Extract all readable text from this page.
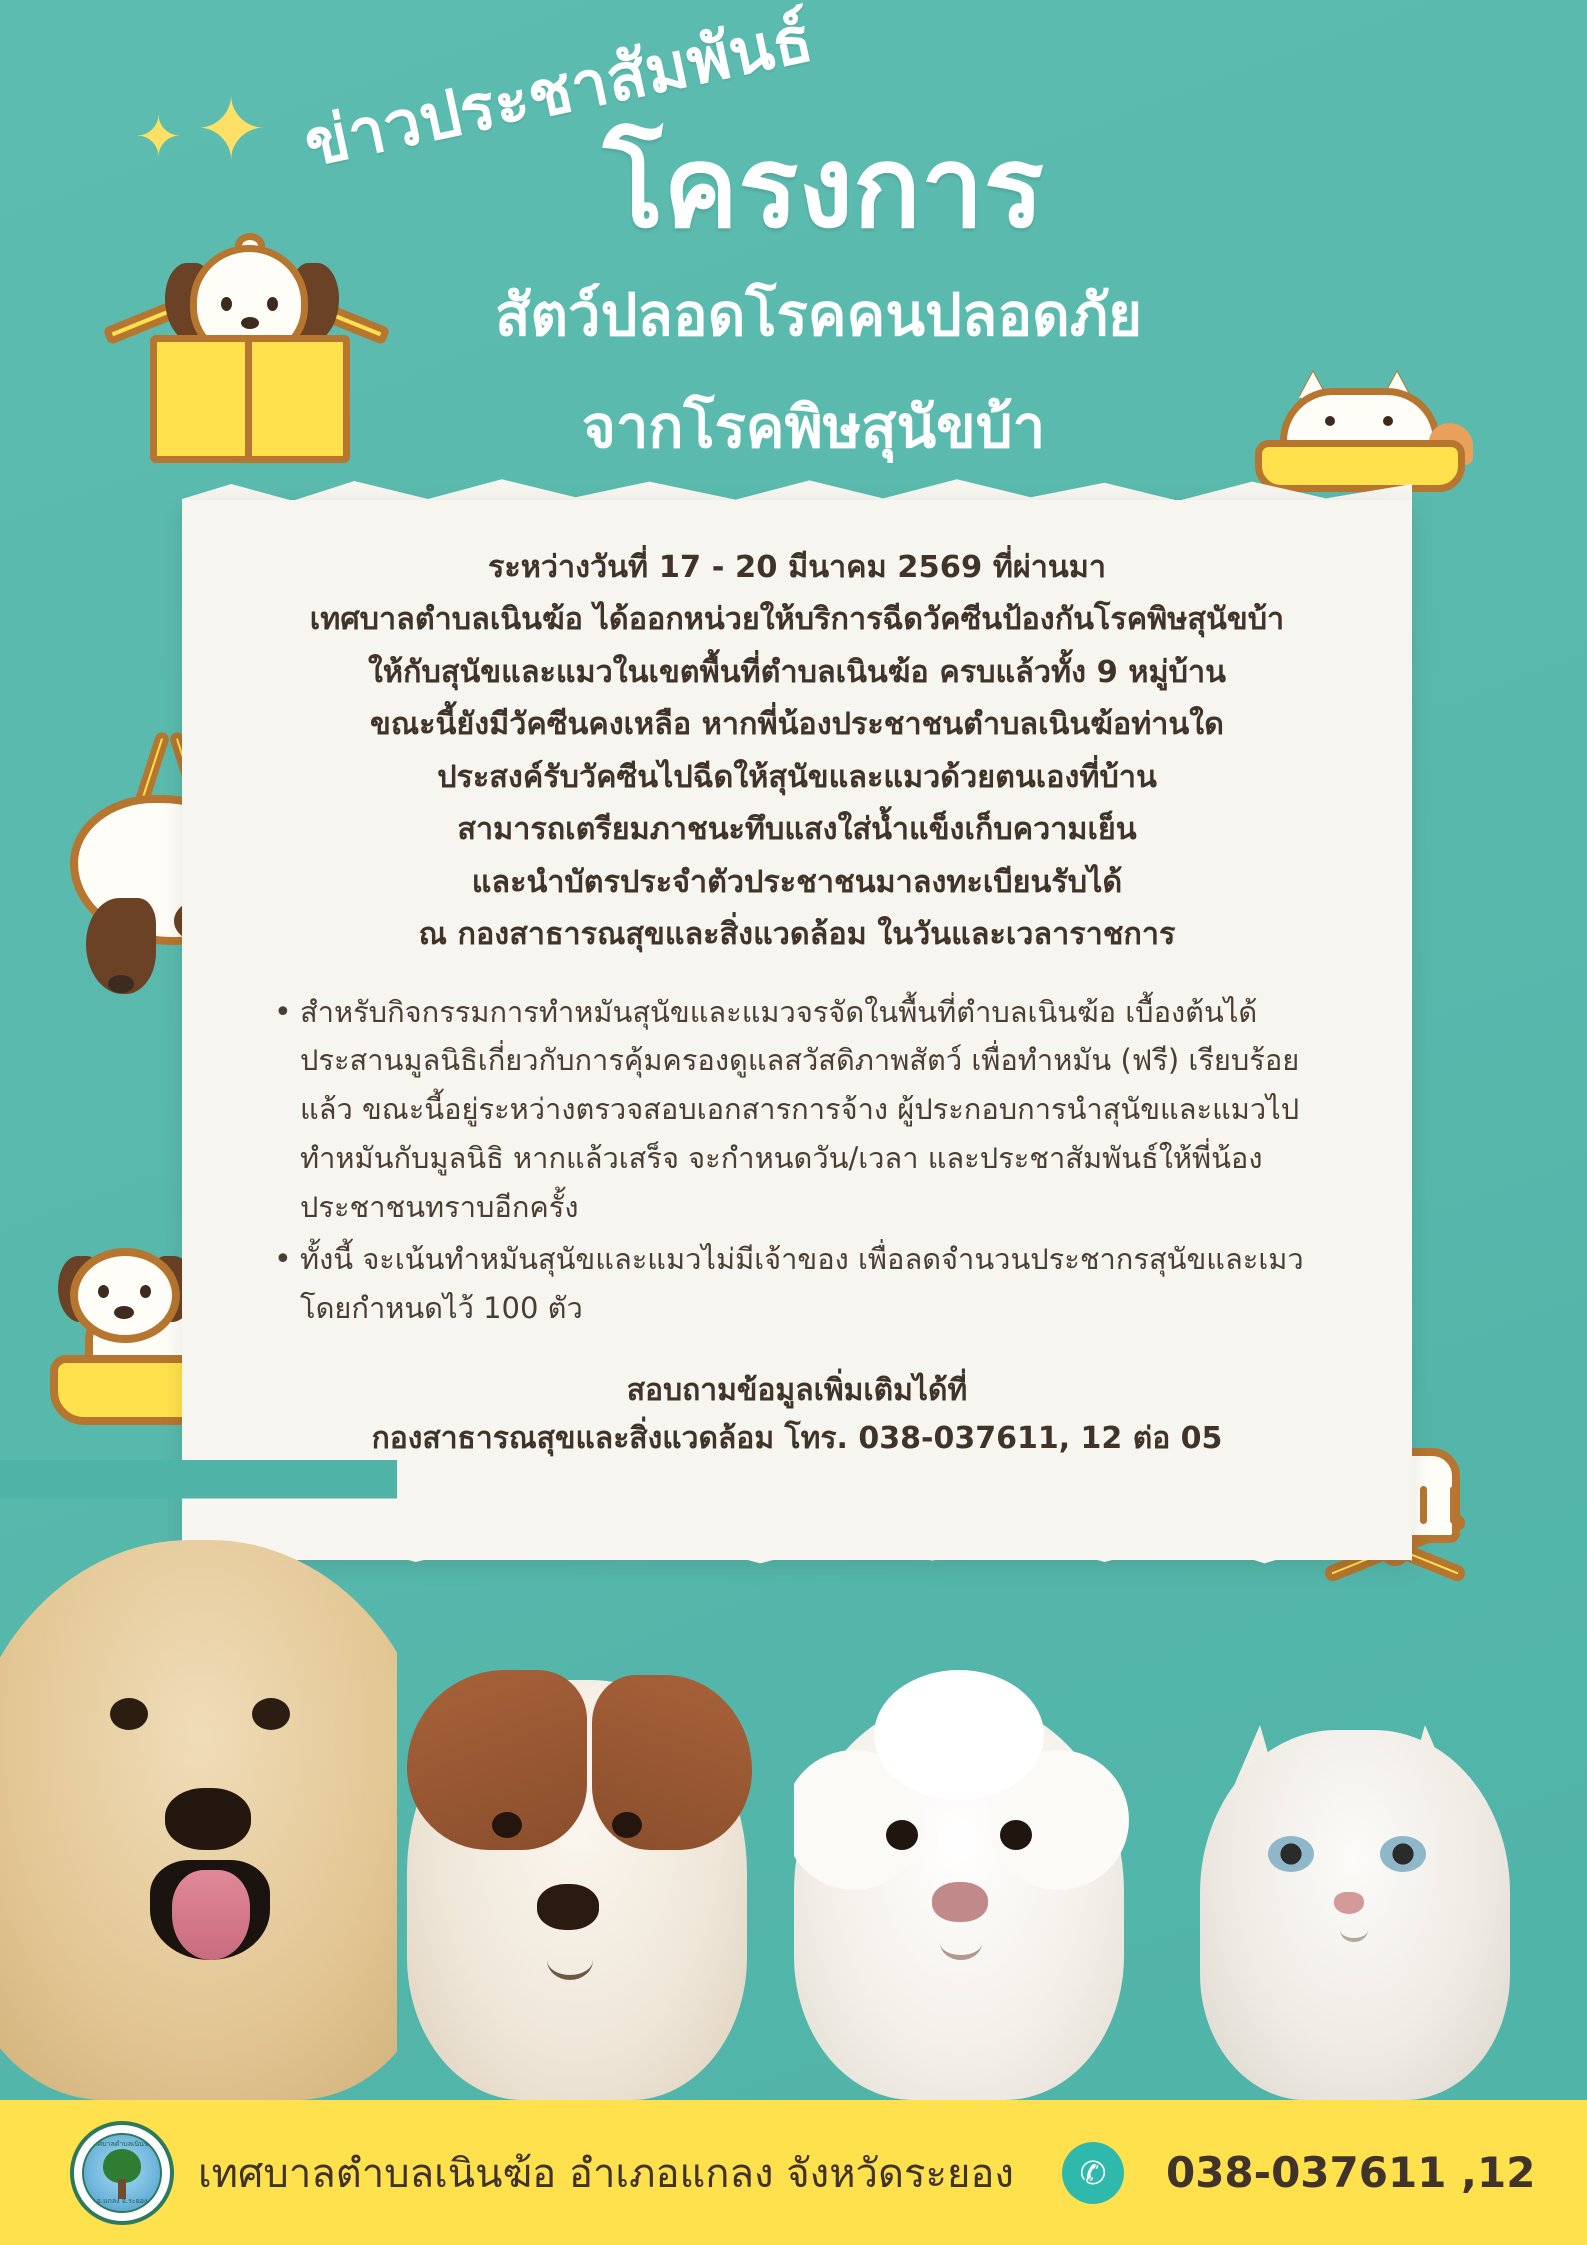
✦ ✦ ข่าวประชาสัมพันธ์
โครงการ
สัตว์ปลอดโรคคนปลอดภัย
จากโรคพิษสุนัขบ้า
ระหว่างวันที่ 17 - 20 มีนาคม 2569 ที่ผ่านมา
เทศบาลตำบลเนินฆ้อ ได้ออกหน่วยให้บริการฉีดวัคซีนป้องกันโรคพิษสุนัขบ้า
ให้กับสุนัขและแมวในเขตพื้นที่ตำบลเนินฆ้อ ครบแล้วทั้ง 9 หมู่บ้าน
ขณะนี้ยังมีวัคซีนคงเหลือ หากพี่น้องประชาชนตำบลเนินฆ้อท่านใด
ประสงค์รับวัคซีนไปฉีดให้สุนัขและแมวด้วยตนเองที่บ้าน
สามารถเตรียมภาชนะทึบแสงใส่น้ำแข็งเก็บความเย็น
และนำบัตรประจำตัวประชาชนมาลงทะเบียนรับได้
ณ กองสาธารณสุขและสิ่งแวดล้อม ในวันและเวลาราชการ
• สำหรับกิจกรรมการทำหมันสุนัขและแมวจรจัดในพื้นที่ตำบลเนินฆ้อ เบื้องต้นได้ประสานมูลนิธิเกี่ยวกับการคุ้มครองดูแลสวัสดิภาพสัตว์ เพื่อทำหมัน (ฟรี) เรียบร้อยแล้ว ขณะนี้อยู่ระหว่างตรวจสอบเอกสารการจ้าง ผู้ประกอบการนำสุนัขและแมวไปทำหมันกับมูลนิธิ หากแล้วเสร็จ จะกำหนดวัน/เวลา และประชาสัมพันธ์ให้พี่น้องประชาชนทราบอีกครั้ง
• ทั้งนี้ จะเน้นทำหมันสุนัขและแมวไม่มีเจ้าของ เพื่อลดจำนวนประชากรสุนัขและเมว โดยกำหนดไว้ 100 ตัว
สอบถามข้อมูลเพิ่มเติมได้ที่
กองสาธารณสุขและสิ่งแวดล้อม โทร. 038-037611, 12 ต่อ 05
เทศบาลตำบลเนินฆ้อ
อ.แกลง จ.ระยอง
เทศบาลตำบลเนินฆ้อ อำเภอแกลง จังหวัดระยอง	✆	038-037611 ,12
